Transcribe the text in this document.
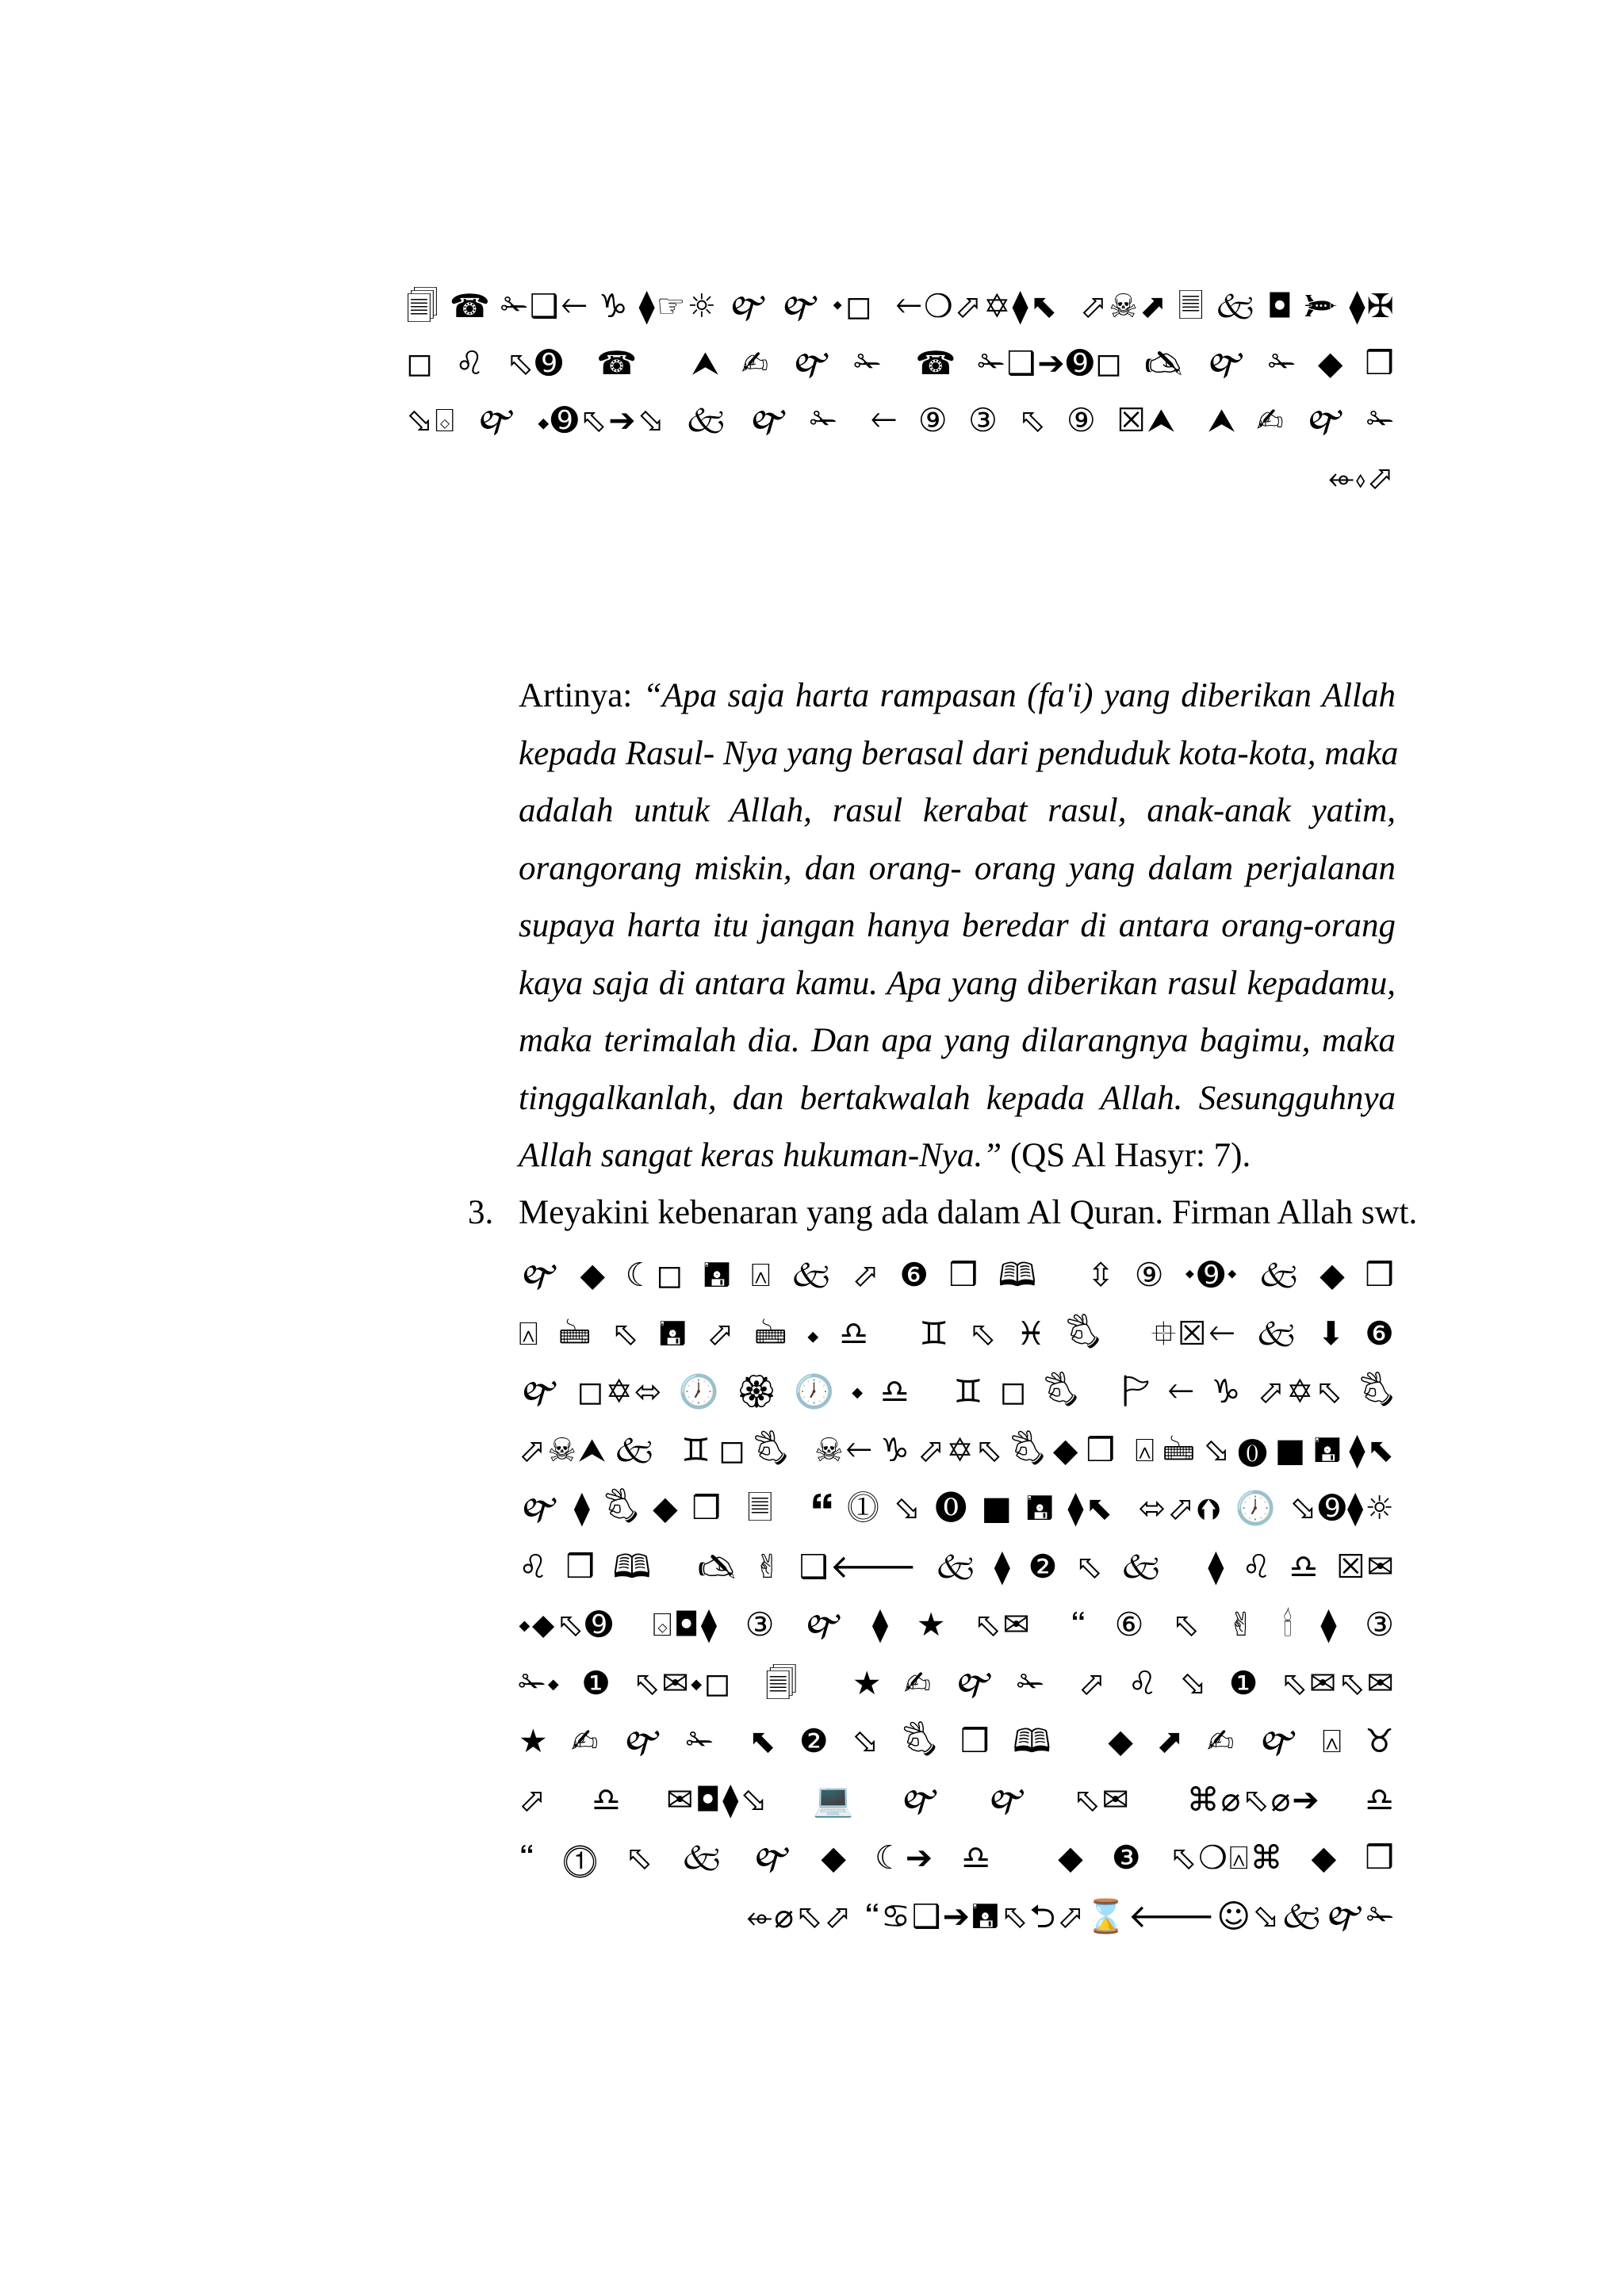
🗐☎✁❑🡐♑⧫☞☼🙰🙰⬩◻ 🡐❍⬀✡⧫⬉ ⬀☠⬈🗏🙵◘🙮⧫✠
◻♌⬁➒ ☎ ⮝✍🙰✁ ☎✁❑➔➒◻🖎🙰✁◆❒
⬂⌺🙰⬩➒⬁➔⬂🙵🙰✁ 🡐⑨③⬁⑨☒⮝ ⮝✍🙰✁
⬰⬫⬀
Artinya: “Apa saja harta rampasan (fa'i) yang diberikan Allah
kepada Rasul- Nya yang berasal dari penduduk kota-kota, maka
adalah untuk Allah, rasul kerabat rasul, anak-anak yatim,
orangorang miskin, dan orang- orang yang dalam perjalanan
supaya harta itu jangan hanya beredar di antara orang-orang
kaya saja di antara kamu. Apa yang diberikan rasul kepadamu,
maka terimalah dia. Dan apa yang dilarangnya bagimu, maka
tinggalkanlah, dan bertakwalah kepada Allah. Sesungguhnya
Allah sangat keras hukuman-Nya.” (QS Al Hasyr: 7).
3. Meyakini kebenaran yang ada dalam Al Quran. Firman Allah swt.
🙰◆☾◻🖪⍓🙵⬀❻❒🕮 ⇳⑨⬩➒⬩🙵◆❒
⍓🖮⬁🖪⬀🖮⬩♎ ♊⬁♓🖏 ⯐☒🡐🙵⬇❻
🙰◻✡⬄🕖🏵🕖⬩♎ ♊◻🖏 🏱🡐♑⬀✡⬁🖏
⬀☠⮝🙵 ♊◻🖏 ☠🡐♑⬀✡⬁🖏◆❒ ⍓🖮⬂⓿■🖪⧫⬉
🙰⧫🖏◆❒ 🗏 🙶⓵⬂⓿■🖪⧫⬉ ⬄⬀⮉🕖⬂➒⧫☼
♌❒🕮 🖎✌❑🡐🙵⧫❷⬁🙵 ⧫♌♎☒✉
⬩⬥⬁➒ ⌺◘⧫③🙰⧫★⬁✉ 🙶⑥⬁✌🕯⧫③
✁⬩❶⬁✉⬩◻ 🗐 ★✍🙰✁ ⬀♌⬂❶⬁✉⬁✉
★✍🙰✁ ⬉❷⬂🖏❒🕮 ◆⬈✍🙰⍓♉
⬀♎✉◘⧫⬂💻🙰🙰⬁✉ ⌘⌀⬁⌀➔♎
🙶⓵⬁🙵🙰◆☾➔♎ ◆❸⬁❍⍓⌘◆❒
⬰⌀⬁⬀ 🙶♋❑➔🖪⬁⮌⬀⌛🡐☺⬂🙵🙰✁
